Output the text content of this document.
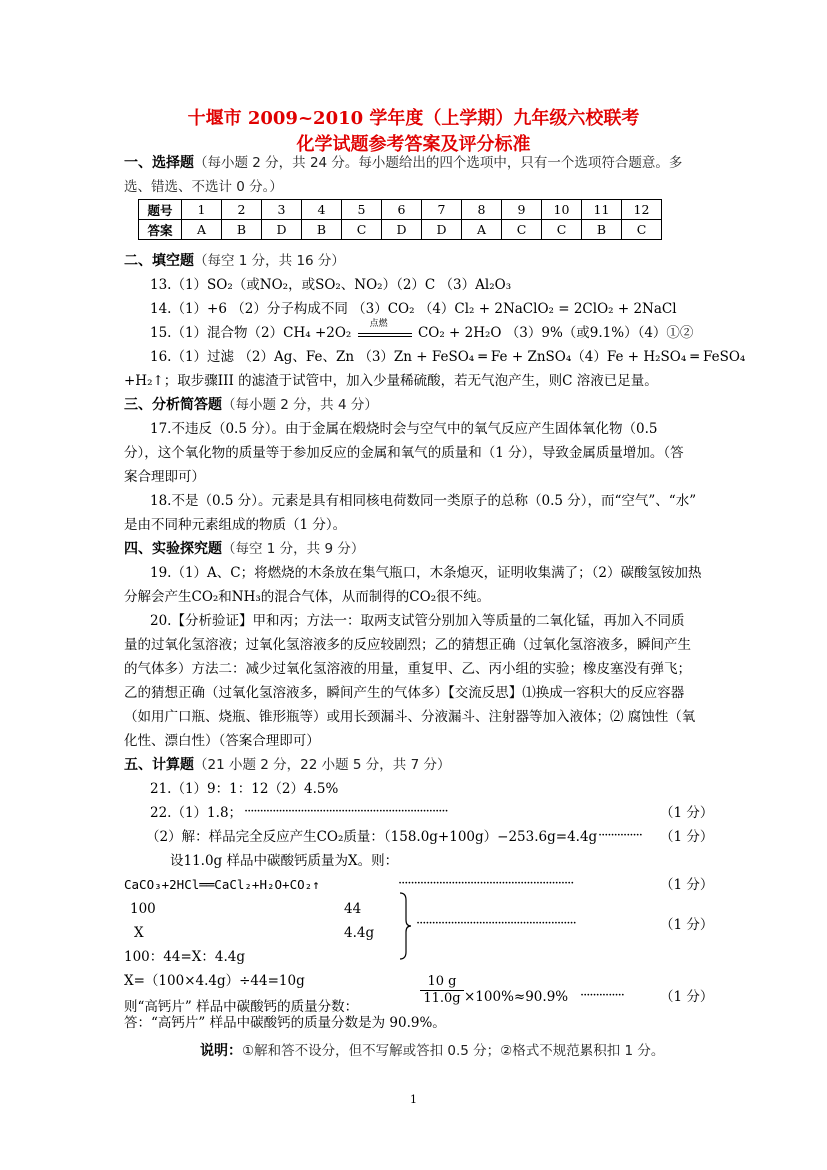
十堰市 2009~2010 学年度（上学期）九年级六校联考
化学试题参考答案及评分标准
一、选择题（每小题 2 分，共 24 分。每小题给出的四个选项中，只有一个选项符合题意。多
选、错选、不选计 0 分。）
题号	1	2	3	4	5	6	7	8	9	10	11	12
答案	A	B	D	B	C	D	D	A	C	C	B	C
二、填空题（每空 1 分，共 16 分）
13.（1）SO₂（或NO₂，或SO₂、NO₂）（2）C （3）Al₂O₃
14.（1）+6 （2）分子构成不同 （3）CO₂ （4）Cl₂ + 2NaClO₂ = 2ClO₂ + 2NaCl
15.（1）混合物（2）CH₄ +2O₂
点燃
CO₂ + 2H₂O （3）9%（或9.1%）（4）①②
16.（1）过滤 （2）Ag、Fe、Zn （3）Zn + FeSO₄ ═ Fe + ZnSO₄（4）Fe + H₂SO₄ ═ FeSO₄
+H₂↑；取步骤III 的滤渣于试管中，加入少量稀硫酸，若无气泡产生，则C 溶液已足量。
三、分析简答题（每小题 2 分，共 4 分）
17.不违反（0.5 分）。由于金属在煅烧时会与空气中的氧气反应产生固体氧化物（0.5
分），这个氧化物的质量等于参加反应的金属和氧气的质量和（1 分），导致金属质量增加。（答
案合理即可）
18.不是（0.5 分）。元素是具有相同核电荷数同一类原子的总称（0.5 分），而“空气”、“水”
是由不同种元素组成的物质（1 分）。
四、实验探究题（每空 1 分，共 9 分）
19.（1）A、C；将燃烧的木条放在集气瓶口，木条熄灭，证明收集满了；（2）碳酸氢铵加热
分解会产生CO₂和NH₃的混合气体，从而制得的CO₂很不纯。
20.【分析验证】甲和丙；方法一：取两支试管分别加入等质量的二氧化锰，再加入不同质
量的过氧化氢溶液；过氧化氢溶液多的反应较剧烈；乙的猜想正确（过氧化氢溶液多，瞬间产生
的气体多）方法二：减少过氧化氢溶液的用量，重复甲、乙、丙小组的实验；橡皮塞没有弹飞；
乙的猜想正确（过氧化氢溶液多，瞬间产生的气体多）【交流反思】⑴换成一容积大的反应容器
（如用广口瓶、烧瓶、锥形瓶等）或用长颈漏斗、分液漏斗、注射器等加入液体；⑵ 腐蚀性（氧
化性、漂白性）（答案合理即可）
五、计算题（21 小题 2 分，22 小题 5 分，共 7 分）
21.（1）9：1：12（2）4.5%
22.（1）1.8； ·································································	（1 分）
（2）解：样品完全反应产生CO₂质量：（158.0g+100g）−253.6g=4.4g ·············· （1 分）
设11.0g 样品中碳酸钙质量为X。则：
CaCO₃+2HCl══CaCl₂+H₂O+CO₂↑	························································	（1 分）
100	44
X	4.4g
···················································	（1 分）
100：44=X：4.4g
X=（100×4.4g）÷44=10g
则“高钙片” 样品中碳酸钙的质量分数：
$\frac{10 g}{11.0g} \times 100\%\approx 90.9\%$ ··············	（1 分）
答：“高钙片” 样品中碳酸钙的质量分数是为 90.9%。
说明：①解和答不设分，但不写解或答扣 0.5 分；②格式不规范累积扣 1 分。
1
